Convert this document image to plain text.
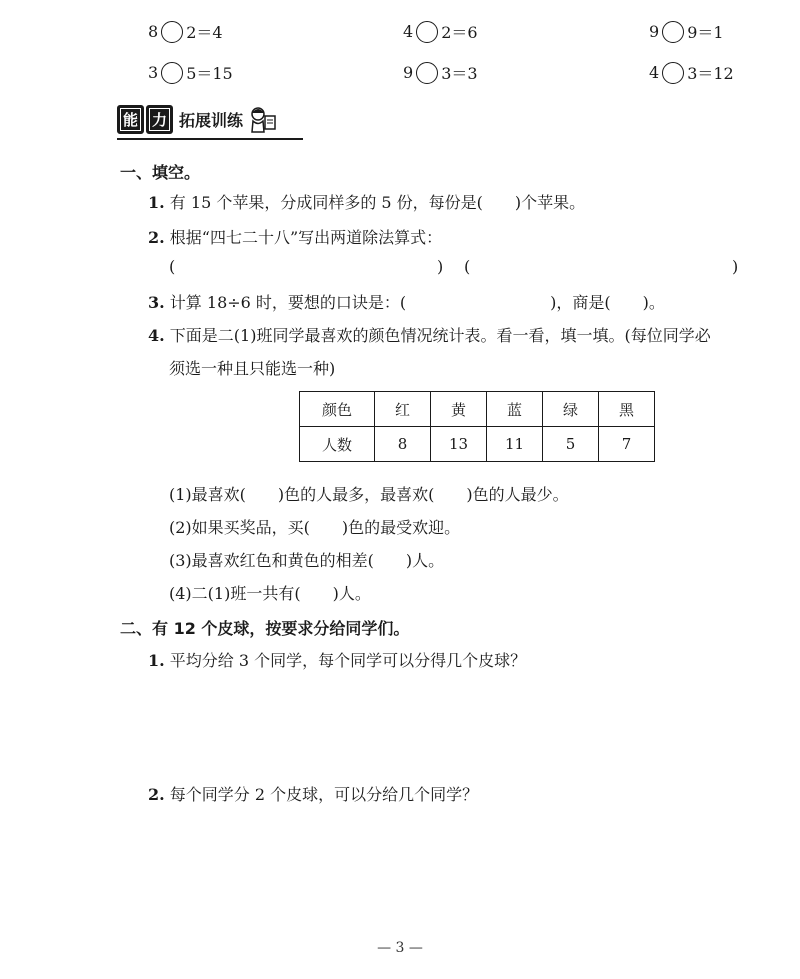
8 2＝4	4 2＝6	9 9＝1
3 5＝15	9 3＝3	4 3＝12
能 力 拓展训练
一、填空。
1. 有 15 个苹果，分成同样多的 5 份，每份是(　　)个苹果。
2. 根据“四七二十八”写出两道除法算式：
(	) (	)
3. 计算 18÷6 时，要想的口诀是：(　　　　　　　　　)，商是(　　)。
4. 下面是二(1)班同学最喜欢的颜色情况统计表。看一看，填一填。(每位同学必
须选一种且只能选一种)
颜色	红	黄	蓝	绿	黑
人数	8	13	11	5	7
(1)最喜欢(　　)色的人最多，最喜欢(　　)色的人最少。
(2)如果买奖品，买(　　)色的最受欢迎。
(3)最喜欢红色和黄色的相差(　　)人。
(4)二(1)班一共有(　　)人。
二、有 12 个皮球，按要求分给同学们。
1. 平均分给 3 个同学，每个同学可以分得几个皮球？
2. 每个同学分 2 个皮球，可以分给几个同学？
— 3 —
